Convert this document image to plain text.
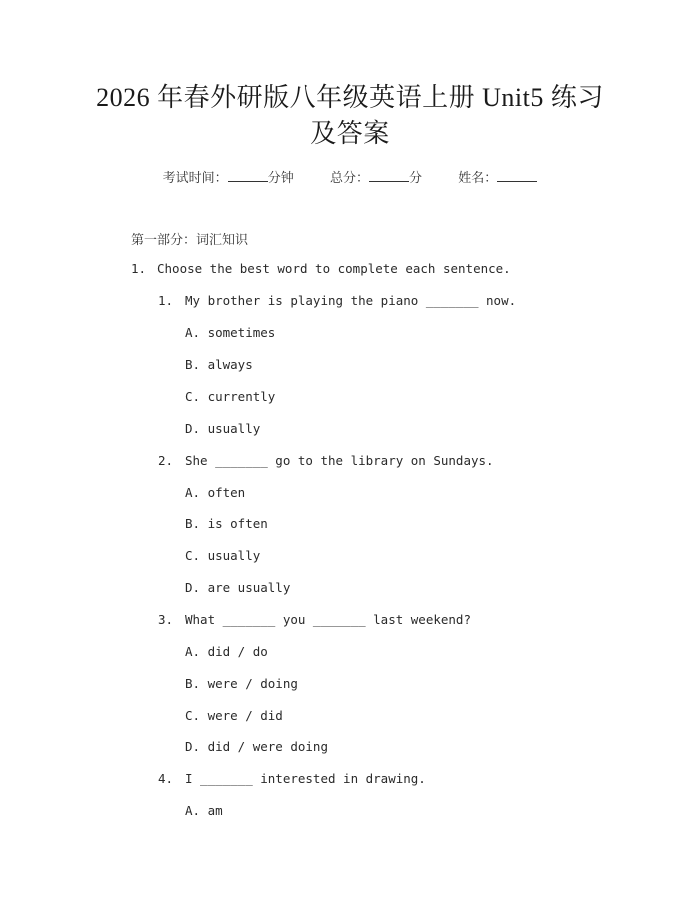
2026 年春外研版八年级英语上册 Unit5 练习
及答案
考试时间：	分钟	总分：	分	姓名：
第一部分：词汇知识
1. Choose the best word to complete each sentence.
1. My brother is playing the piano _______ now.
A. sometimes
B. always
C. currently
D. usually
2. She _______ go to the library on Sundays.
A. often
B. is often
C. usually
D. are usually
3. What _______ you _______ last weekend?
A. did / do
B. were / doing
C. were / did
D. did / were doing
4. I _______ interested in drawing.
A. am
